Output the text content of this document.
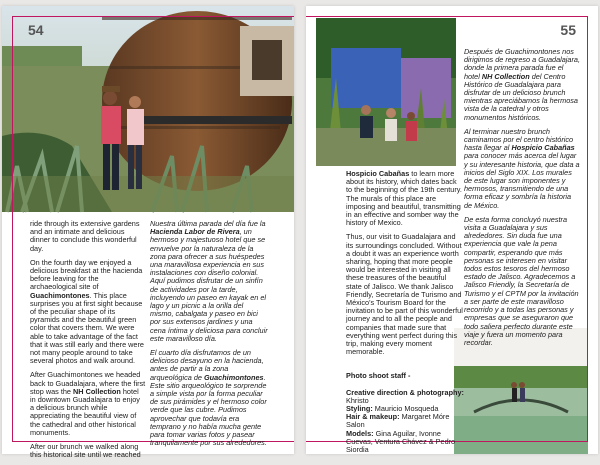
54

ride through its extensive gardens and an intimate and delicious dinner to conclude this wonderful day.

On the fourth day we enjoyed a delicious breakfast at the hacienda before leaving for the archaeological site of Guachimontones. This place surprises you at first sight because of the peculiar shape of its pyramids and the beautiful green color that covers them. We were able to take advantage of the fact that it was still early and there were not many people around to take several photos and walk around.

After Guachimontones we headed back to Guadalajara, where the first stop was the NH Collection hotel in downtown Guadalajara to enjoy a delicious brunch while appreciating the beautiful view of the cathedral and other historical monuments.

After our brunch we walked along this historical site until we reached

Nuestra última parada del día fue la Hacienda Labor de Rivera, un hermoso y majestuoso hotel que se envuelve por la naturaleza de la zona para ofrecer a sus huéspedes una maravillosa experiencia en sus instalaciones con diseño colonial. Aquí pudimos disfrutar de un sinfín de actividades por la tarde, incluyendo un paseo en kayak en el lago y un picnic a la orilla del mismo, cabalgata y paseo en bici por sus extensos jardines y una cena íntima y deliciosa para concluir este maravilloso día.

El cuarto día disfrutamos de un delicioso desayuno en la hacienda, antes de partir a la zona arqueológica de Guachimontones. Este sitio arqueológico te sorprende a simple vista por la forma peculiar de sus pirámides y el hermoso color verde que las cubre. Pudimos aprovechar que todavía era temprano y no había mucha gente para tomar varias fotos y pasear tranquilamente por sus alrededores.

55

Hospicio Cabañas to learn more about its history, which dates back to the beginning of the 19th century. The murals of this place are imposing and beautiful, transmitting in an effective and somber way the history of Mexico.

Thus, our visit to Guadalajara and its surroundings concluded. Without a doubt it was an experience worth sharing, hoping that more people would be interested in visiting all these treasures of the beautiful state of Jalisco. We thank Jalisco Friendly, Secretaría de Turismo and México's Tourism Board for the invitation to be part of this wonderful journey and to all the people and companies that made sure that everything went perfect during this trip, making every moment memorable.

Photo shoot staff -

Creative direction & photography: Khristo

Styling: Mauricio Mosqueda

Hair & makeup: Margaret Móre Salon

Models: Gina Aguilar, Ivonne Cuevas, Ventura Chávez & Pedro Siordia

Después de Guachimontones nos dirigimos de regreso a Guadalajara, donde la primera parada fue el hotel NH Collection del Centro Histórico de Guadalajara para disfrutar de un delicioso brunch mientras apreciábamos la hermosa vista de la catedral y otros monumentos históricos.

Al terminar nuestro brunch caminamos por el centro histórico hasta llegar al Hospicio Cabañas para conocer más acerca del lugar y su interesante historia, que data a inicios del Siglo XIX. Los murales de este lugar son imponentes y hermosos, transmitiendo de una forma eficaz y sombría la historia de México.

De esta forma concluyó nuestra visita a Guadalajara y sus alrededores. Sin duda fue una experiencia que vale la pena compartir, esperando que más personas se interesen en visitar todos estos tesoros del hermoso estado de Jalisco. Agradecemos a Jalisco Friendly, la Secretaría de Turismo y el CPTM por la invitación a ser parte de este maravilloso recorrido y a todas las personas y empresas que se aseguraron que todo saliera perfecto durante este viaje y fuera un momento para recordar.
